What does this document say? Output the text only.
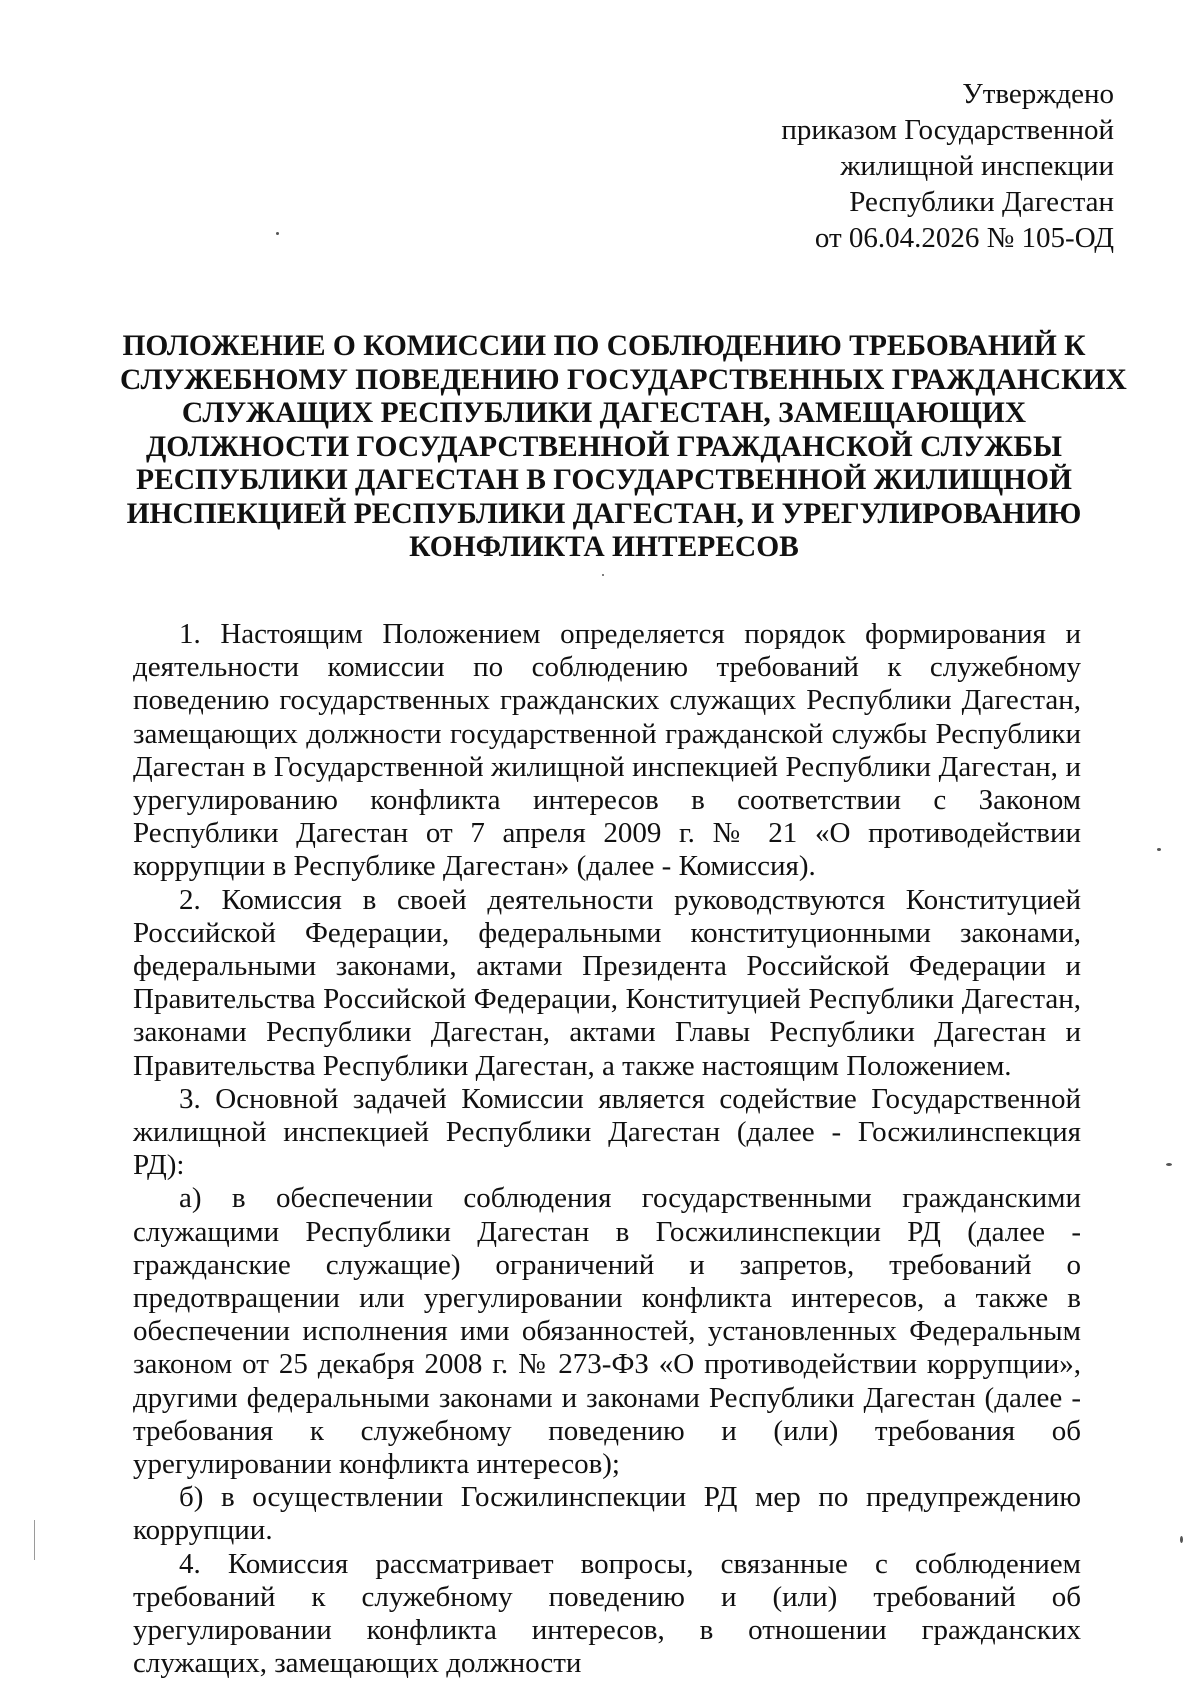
Утверждено
приказом Государственной
жилищной инспекции
Республики Дагестан
от 06.04.2026 № 105-ОД
ПОЛОЖЕНИЕ О КОМИССИИ ПО СОБЛЮДЕНИЮ ТРЕБОВАНИЙ К
СЛУЖЕБНОМУ ПОВЕДЕНИЮ ГОСУДАРСТВЕННЫХ ГРАЖДАНСКИХ
СЛУЖАЩИХ РЕСПУБЛИКИ ДАГЕСТАН, ЗАМЕЩАЮЩИХ
ДОЛЖНОСТИ ГОСУДАРСТВЕННОЙ ГРАЖДАНСКОЙ СЛУЖБЫ
РЕСПУБЛИКИ ДАГЕСТАН В ГОСУДАРСТВЕННОЙ ЖИЛИЩНОЙ
ИНСПЕКЦИЕЙ РЕСПУБЛИКИ ДАГЕСТАН, И УРЕГУЛИРОВАНИЮ
КОНФЛИКТА ИНТЕРЕСОВ

1. Настоящим Положением определяется порядок формирования и деятельности комиссии по соблюдению требований к служебному поведению государственных гражданских служащих Республики Дагестан, замещающих должности государственной гражданской службы Республики Дагестан в Государственной жилищной инспекцией Республики Дагестан, и урегулированию конфликта интересов в соответствии с Законом Республики Дагестан от 7 апреля 2009 г. № 21 «О противодействии коррупции в Республике Дагестан» (далее - Комиссия).

2. Комиссия в своей деятельности руководствуются Конституцией Российской Федерации, федеральными конституционными законами, федеральными законами, актами Президента Российской Федерации и Правительства Российской Федерации, Конституцией Республики Дагестан, законами Республики Дагестан, актами Главы Республики Дагестан и Правительства Республики Дагестан, а также настоящим Положением.

3. Основной задачей Комиссии является содействие Государственной жилищной инспекцией Республики Дагестан (далее - Госжилинспекция РД):

а) в обеспечении соблюдения государственными гражданскими служащими Республики Дагестан в Госжилинспекции РД (далее - гражданские служащие) ограничений и запретов, требований о предотвращении или урегулировании конфликта интересов, а также в обеспечении исполнения ими обязанностей, установленных Федеральным законом от 25 декабря 2008 г. № 273-ФЗ «О противодействии коррупции», другими федеральными законами и законами Республики Дагестан (далее - требования к служебному поведению и (или) требования об урегулировании конфликта интересов);

б) в осуществлении Госжилинспекции РД мер по предупреждению коррупции.

4. Комиссия рассматривает вопросы, связанные с соблюдением требований к служебному поведению и (или) требований об урегулировании конфликта интересов, в отношении гражданских служащих, замещающих должности
